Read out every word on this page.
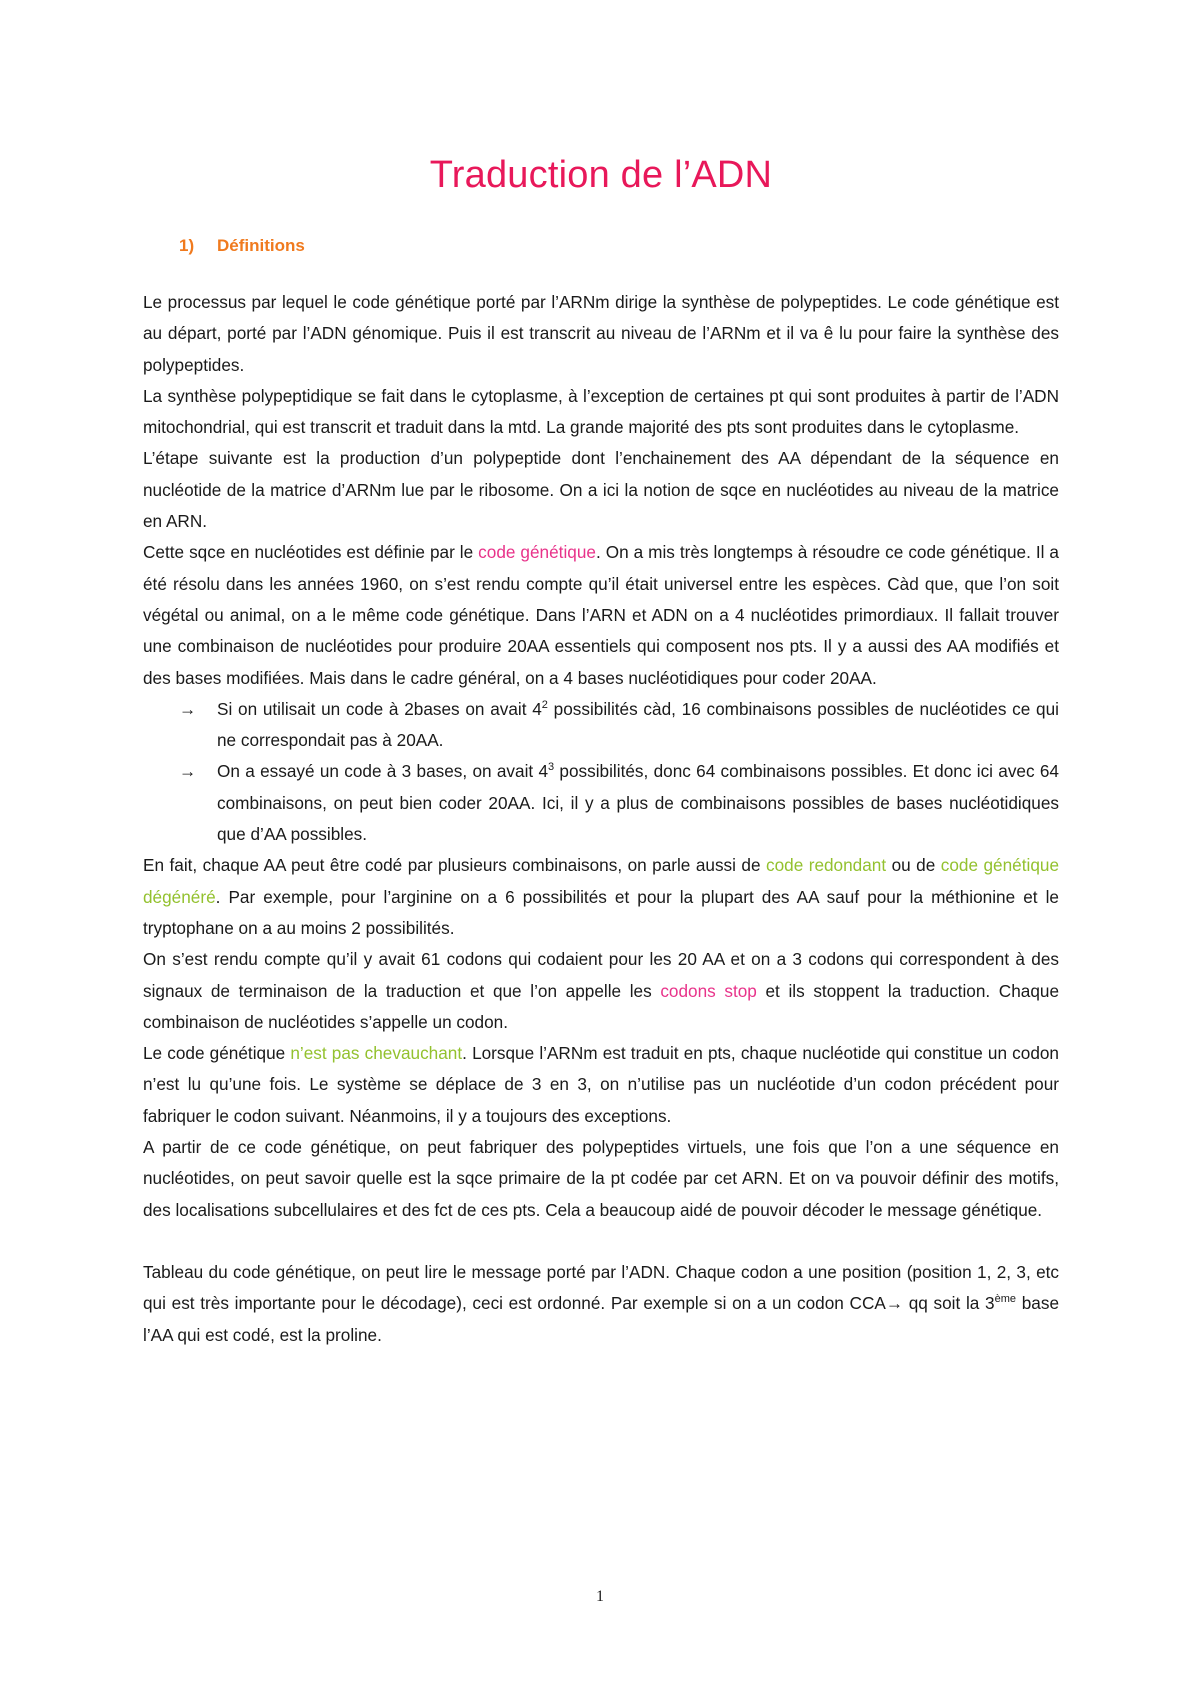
Traduction de l’ADN
1) Définitions

Le processus par lequel le code génétique porté par l’ARNm dirige la synthèse de polypeptides. Le code génétique est au départ, porté par l’ADN génomique. Puis il est transcrit au niveau de l’ARNm et il va ê lu pour faire la synthèse des polypeptides.

La synthèse polypeptidique se fait dans le cytoplasme, à l’exception de certaines pt qui sont produites à partir de l’ADN mitochondrial, qui est transcrit et traduit dans la mtd. La grande majorité des pts sont produites dans le cytoplasme.

L’étape suivante est la production d’un polypeptide dont l’enchainement des AA dépendant de la séquence en nucléotide de la matrice d’ARNm lue par le ribosome. On a ici la notion de sqce en nucléotides au niveau de la matrice en ARN.

Cette sqce en nucléotides est définie par le code génétique. On a mis très longtemps à résoudre ce code génétique. Il a été résolu dans les années 1960, on s’est rendu compte qu’il était universel entre les espèces. Càd que, que l’on soit végétal ou animal, on a le même code génétique. Dans l’ARN et ADN on a 4 nucléotides primordiaux. Il fallait trouver une combinaison de nucléotides pour produire 20AA essentiels qui composent nos pts. Il y a aussi des AA modifiés et des bases modifiées. Mais dans le cadre général, on a 4 bases nucléotidiques pour coder 20AA.

→ Si on utilisait un code à 2bases on avait $4^2$ possibilités càd, 16 combinaisons possibles de nucléotides ce qui ne correspondait pas à 20AA.
→ On a essayé un code à 3 bases, on avait $4^3$ possibilités, donc 64 combinaisons possibles. Et donc ici avec 64 combinaisons, on peut bien coder 20AA. Ici, il y a plus de combinaisons possibles de bases nucléotidiques que d’AA possibles.

En fait, chaque AA peut être codé par plusieurs combinaisons, on parle aussi de code redondant ou de code génétique dégénéré. Par exemple, pour l’arginine on a 6 possibilités et pour la plupart des AA sauf pour la méthionine et le tryptophane on a au moins 2 possibilités.

On s’est rendu compte qu’il y avait 61 codons qui codaient pour les 20 AA et on a 3 codons qui correspondent à des signaux de terminaison de la traduction et que l’on appelle les codons stop et ils stoppent la traduction. Chaque combinaison de nucléotides s’appelle un codon.

Le code génétique n’est pas chevauchant. Lorsque l’ARNm est traduit en pts, chaque nucléotide qui constitue un codon n’est lu qu’une fois. Le système se déplace de 3 en 3, on n’utilise pas un nucléotide d’un codon précédent pour fabriquer le codon suivant. Néanmoins, il y a toujours des exceptions.

A partir de ce code génétique, on peut fabriquer des polypeptides virtuels, une fois que l’on a une séquence en nucléotides, on peut savoir quelle est la sqce primaire de la pt codée par cet ARN. Et on va pouvoir définir des motifs, des localisations subcellulaires et des fct de ces pts. Cela a beaucoup aidé de pouvoir décoder le message génétique.

Tableau du code génétique, on peut lire le message porté par l’ADN. Chaque codon a une position (position 1, 2, 3, etc qui est très importante pour le décodage), ceci est ordonné. Par exemple si on a un codon CCA→ qq soit la 3ème base l’AA qui est codé, est la proline.

1
